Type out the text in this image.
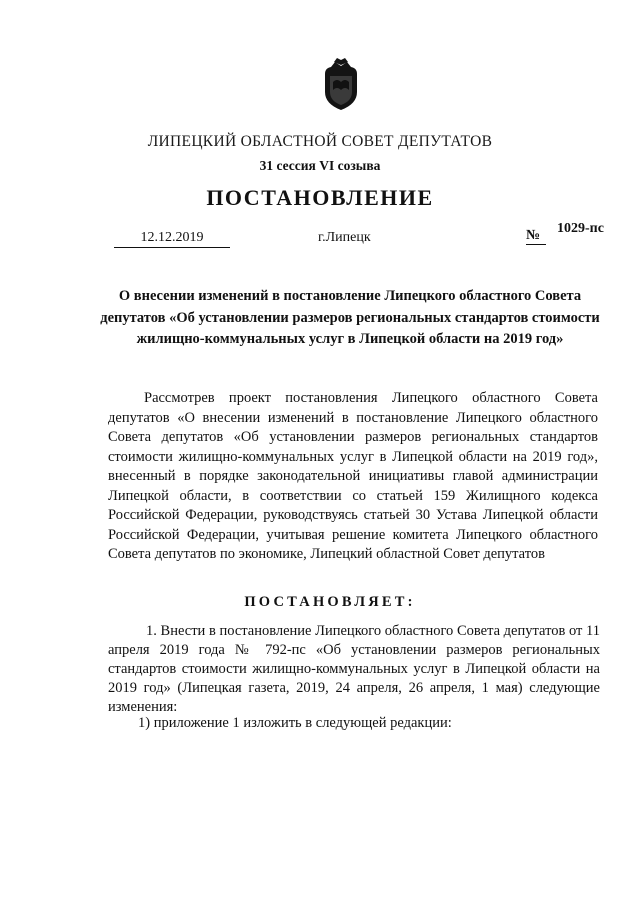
ЛИПЕЦКИЙ ОБЛАСТНОЙ СОВЕТ ДЕПУТАТОВ
31 сессия VI созыва
ПОСТАНОВЛЕНИЕ
12.12.2019	г.Липецк	№	1029-пс
О внесении изменений в постановление Липецкого областного Совета депутатов «Об установлении размеров региональных стандартов стоимости жилищно-коммунальных услуг в Липецкой области на 2019 год»
Рассмотрев проект постановления Липецкого областного Совета депутатов «О внесении изменений в постановление Липецкого областного Совета депутатов «Об установлении размеров региональных стандартов стоимости жилищно-коммунальных услуг в Липецкой области на 2019 год», внесенный в порядке законодательной инициативы главой администрации Липецкой области, в соответствии со статьей 159 Жилищного кодекса Российской Федерации, руководствуясь статьей 30 Устава Липецкой области Российской Федерации, учитывая решение комитета Липецкого областного Совета депутатов по экономике, Липецкий областной Совет депутатов
ПОСТАНОВЛЯЕТ:
1. Внести в постановление Липецкого областного Совета депутатов от 11 апреля 2019 года № 792-пс «Об установлении размеров региональных стандартов стоимости жилищно-коммунальных услуг в Липецкой области на 2019 год» (Липецкая газета, 2019, 24 апреля, 26 апреля, 1 мая) следующие изменения:
1) приложение 1 изложить в следующей редакции:
